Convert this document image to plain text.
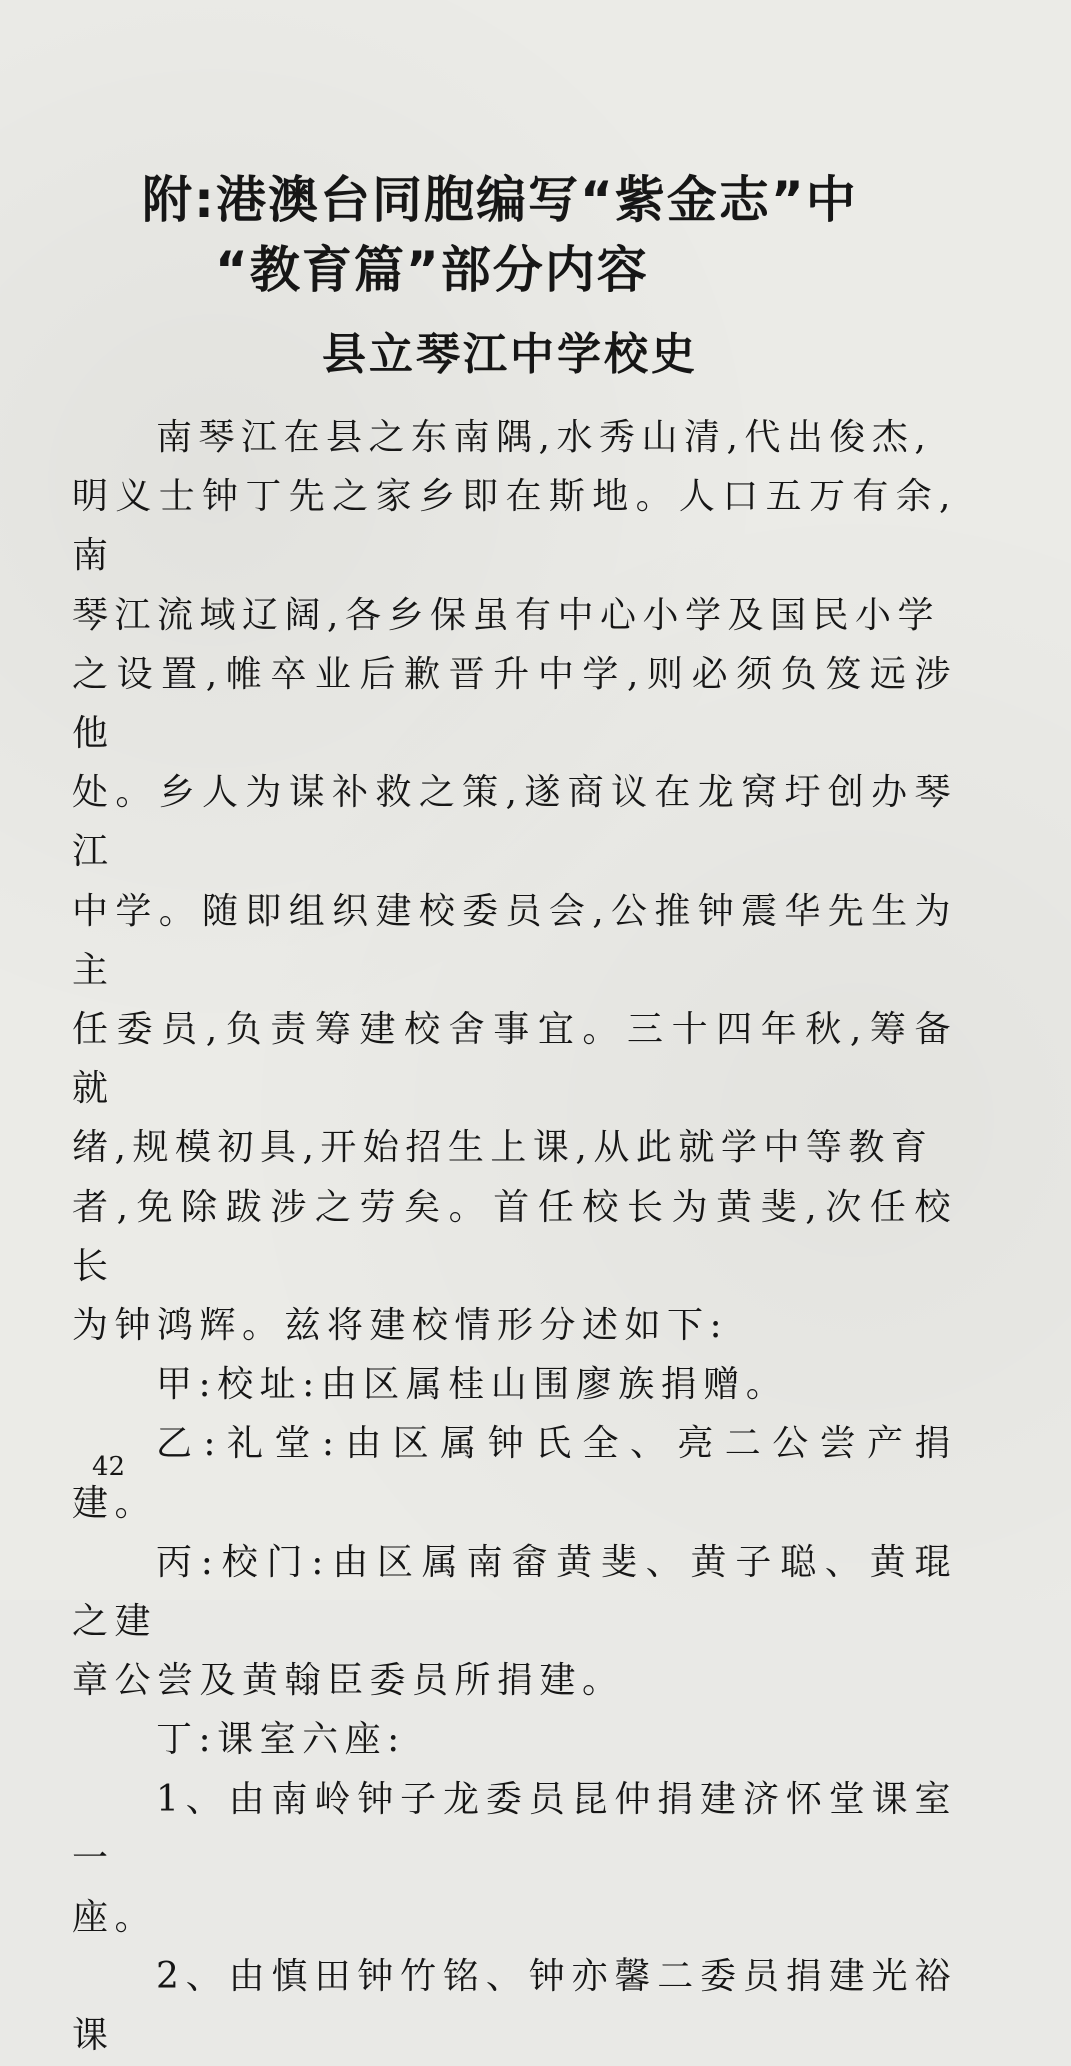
附:港澳台同胞编写“紫金志”中
“教育篇”部分内容
县立琴江中学校史

南琴江在县之东南隅,水秀山清,代出俊杰,
明义士钟丁先之家乡即在斯地。人口五万有余,南
琴江流域辽阔,各乡保虽有中心小学及国民小学
之设置,帷卒业后歉晋升中学,则必须负笈远涉他
处。乡人为谋补救之策,遂商议在龙窝圩创办琴江
中学。随即组织建校委员会,公推钟震华先生为主
任委员,负责筹建校舍事宜。三十四年秋,筹备就
绪,规模初具,开始招生上课,从此就学中等教育
者,免除跋涉之劳矣。首任校长为黄斐,次任校长
为钟鸿辉。兹将建校情形分述如下:

甲:校址:由区属桂山围廖族捐赠。

乙:礼堂:由区属钟氏全、亮二公尝产捐建。

丙:校门:由区属南畲黄斐、黄子聪、黄琨之建
章公尝及黄翰臣委员所捐建。

丁:课室六座:

1、由南岭钟子龙委员昆仲捐建济怀堂课室一
座。

2、由慎田钟竹铭、钟亦馨二委员捐建光裕课

42
